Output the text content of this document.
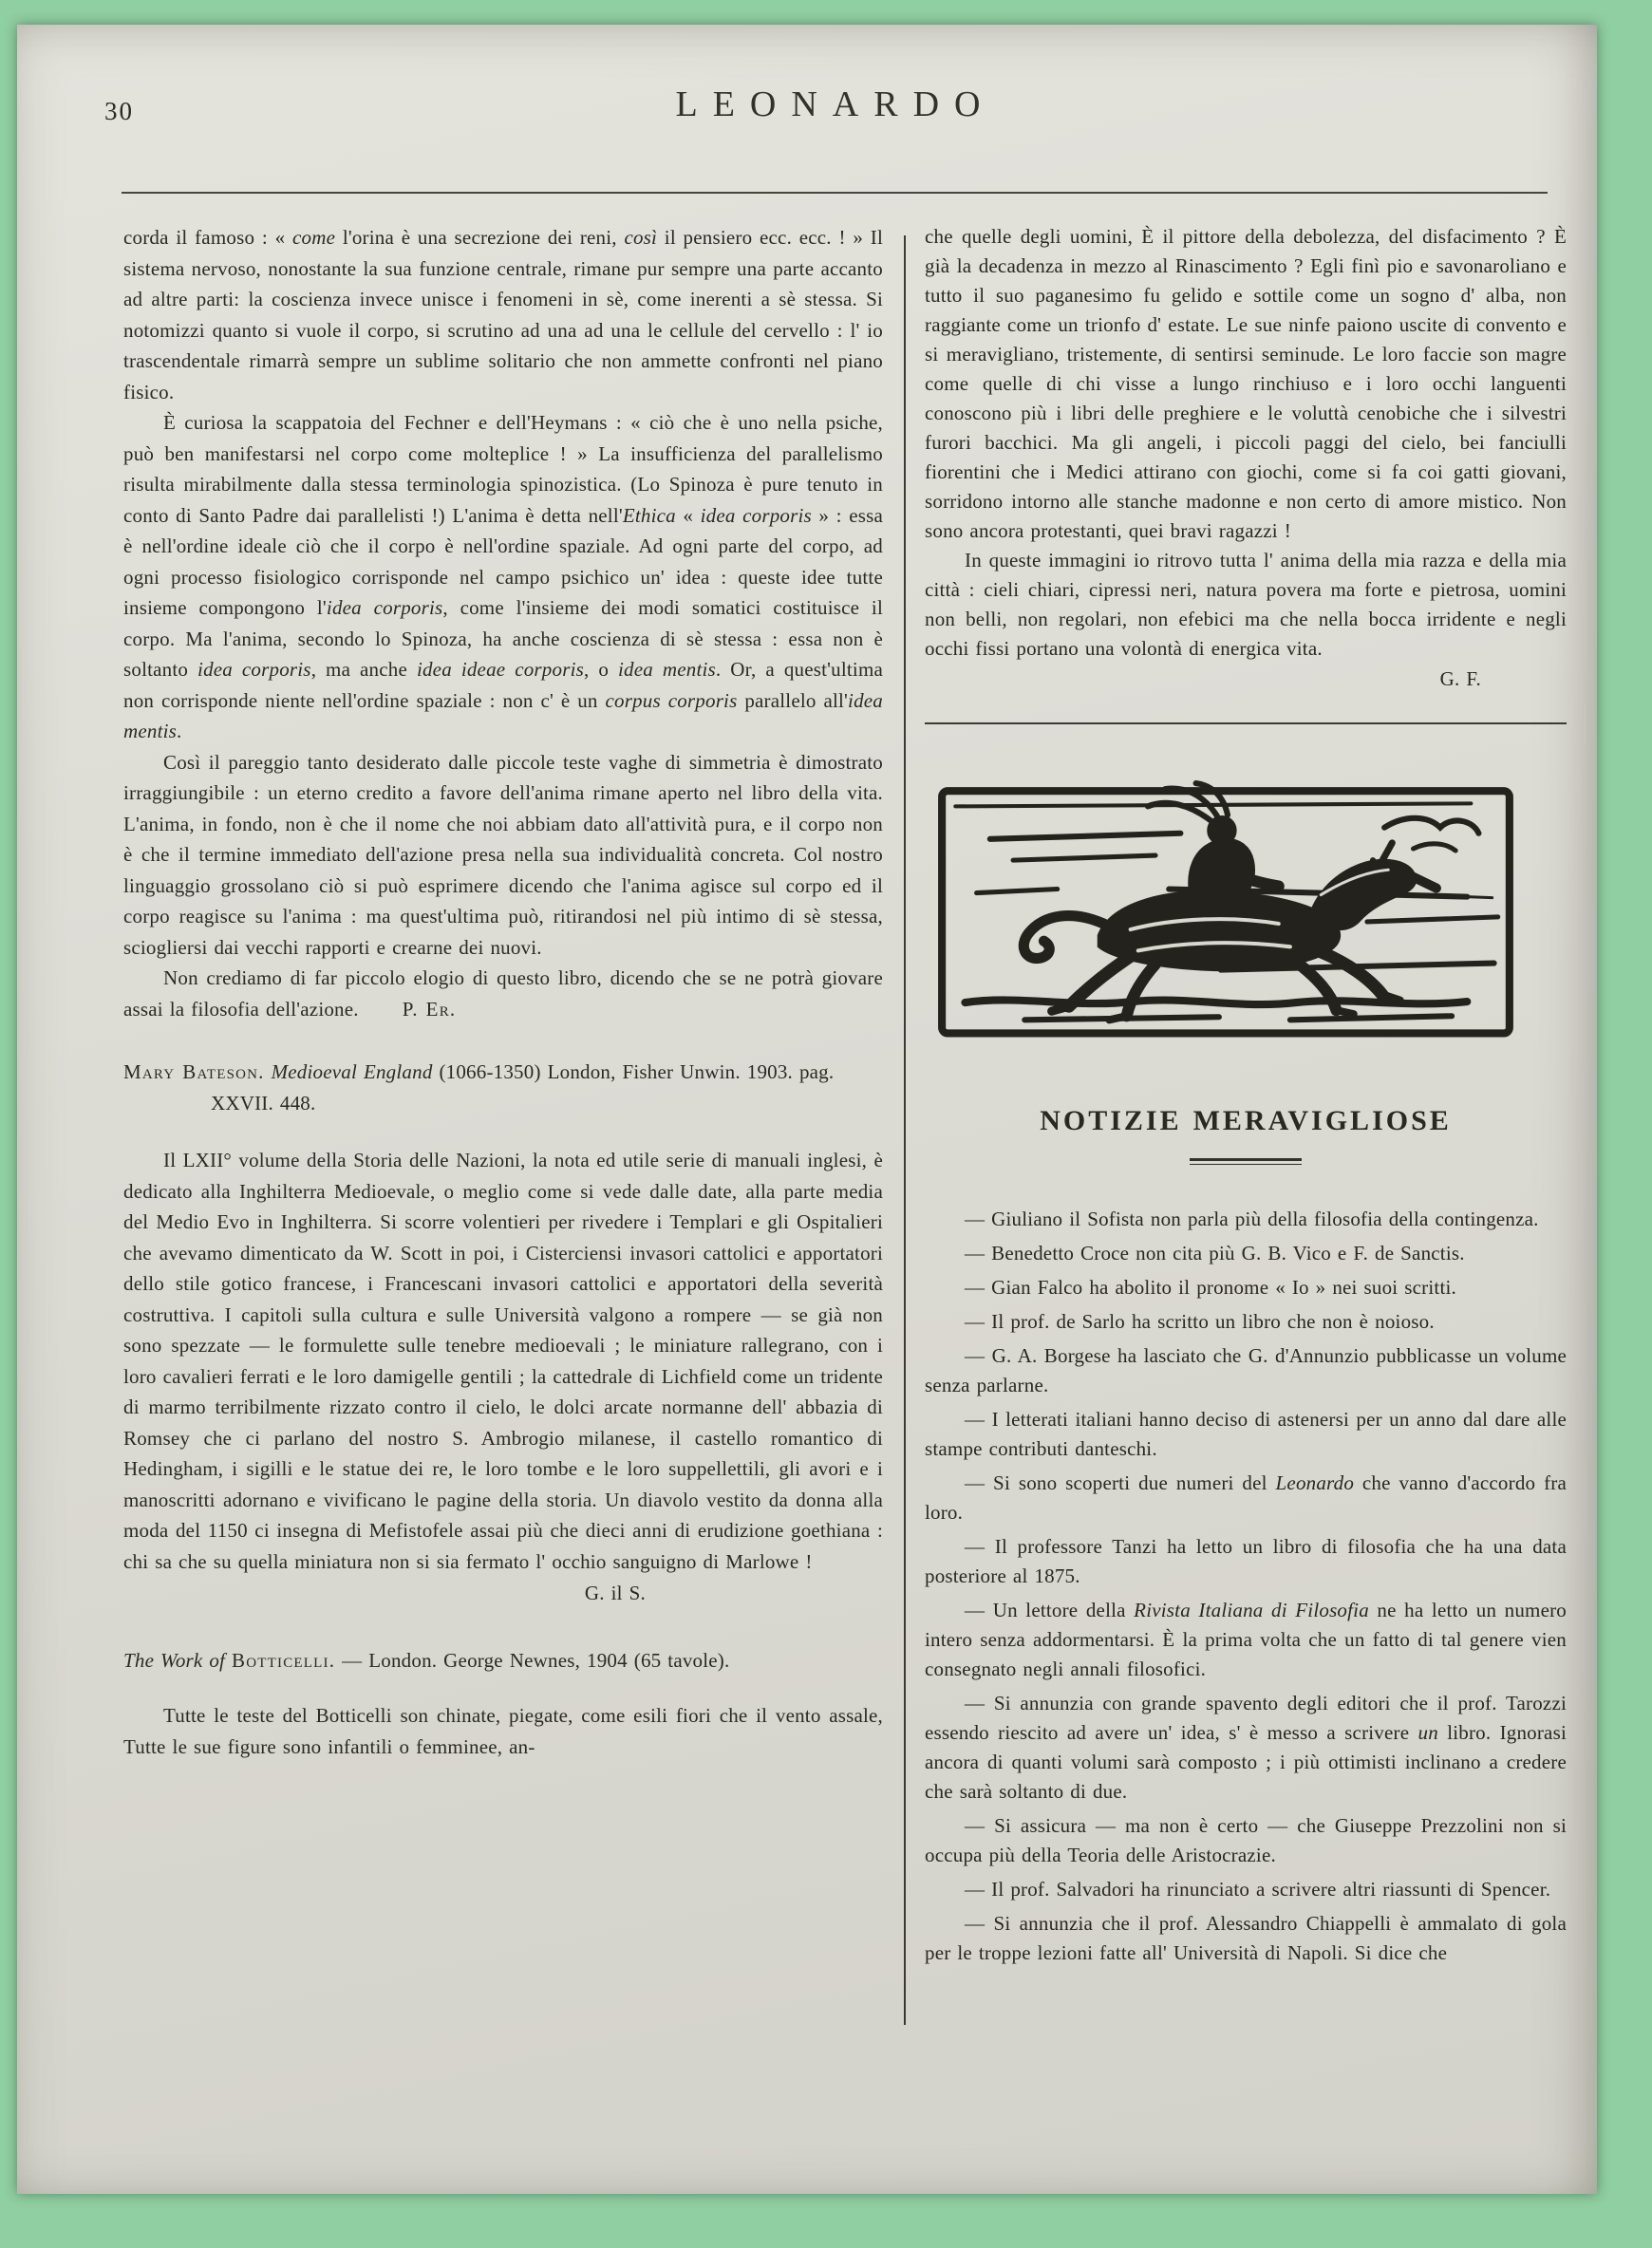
30	LEONARDO

corda il famoso : « come l'orina è una secrezione dei reni, così il pensiero ecc. ecc. ! » Il sistema nervoso, nonostante la sua funzione centrale, rimane pur sempre una parte accanto ad altre parti: la coscienza invece unisce i fenomeni in sè, come inerenti a sè stessa. Si notomizzi quanto si vuole il corpo, si scrutino ad una ad una le cellule del cervello : l' io trascendentale rimarrà sempre un sublime solitario che non ammette confronti nel piano fisico.

È curiosa la scappatoia del Fechner e dell'Heymans : « ciò che è uno nella psiche, può ben manifestarsi nel corpo come molteplice ! » La insufficienza del parallelismo risulta mirabilmente dalla stessa terminologia spinozistica. (Lo Spinoza è pure tenuto in conto di Santo Padre dai parallelisti !) L'anima è detta nell'Ethica « idea corporis » : essa è nell'ordine ideale ciò che il corpo è nell'ordine spaziale. Ad ogni parte del corpo, ad ogni processo fisiologico corrisponde nel campo psichico un' idea : queste idee tutte insieme compongono l'idea corporis, come l'insieme dei modi somatici costituisce il corpo. Ma l'anima, secondo lo Spinoza, ha anche coscienza di sè stessa : essa non è soltanto idea corporis, ma anche idea ideae corporis, o idea mentis. Or, a quest'ultima non corrisponde niente nell'ordine spaziale : non c' è un corpus corporis parallelo all'idea mentis.

Così il pareggio tanto desiderato dalle piccole teste vaghe di simmetria è dimostrato irraggiungibile : un eterno credito a favore dell'anima rimane aperto nel libro della vita. L'anima, in fondo, non è che il nome che noi abbiam dato all'attività pura, e il corpo non è che il termine immediato dell'azione presa nella sua individualità concreta. Col nostro linguaggio grossolano ciò si può esprimere dicendo che l'anima agisce sul corpo ed il corpo reagisce su l'anima : ma quest'ultima può, ritirandosi nel più intimo di sè stessa, sciogliersi dai vecchi rapporti e crearne dei nuovi.

Non crediamo di far piccolo elogio di questo libro, dicendo che se ne potrà giovare assai la filosofia dell'azione. P. Er.

Mary Bateson. Medioeval England (1066-1350) London, Fisher Unwin. 1903. pag. XXVII. 448.

Il LXII° volume della Storia delle Nazioni, la nota ed utile serie di manuali inglesi, è dedicato alla Inghilterra Medioevale, o meglio come si vede dalle date, alla parte media del Medio Evo in Inghilterra. Si scorre volentieri per rivedere i Templari e gli Ospitalieri che avevamo dimenticato da W. Scott in poi, i Cisterciensi invasori cattolici e apportatori dello stile gotico francese, i Francescani invasori cattolici e apportatori della severità costruttiva. I capitoli sulla cultura e sulle Università valgono a rompere — se già non sono spezzate — le formulette sulle tenebre medioevali ; le miniature rallegrano, con i loro cavalieri ferrati e le loro damigelle gentili ; la cattedrale di Lichfield come un tridente di marmo terribilmente rizzato contro il cielo, le dolci arcate normanne dell' abbazia di Romsey che ci parlano del nostro S. Ambrogio milanese, il castello romantico di Hedingham, i sigilli e le statue dei re, le loro tombe e le loro suppellettili, gli avori e i manoscritti adornano e vivificano le pagine della storia. Un diavolo vestito da donna alla moda del 1150 ci insegna di Mefistofele assai più che dieci anni di erudizione goethiana : chi sa che su quella miniatura non si sia fermato l' occhio sanguigno di Marlowe !

G. il S.

The Work of Botticelli. — London. George Newnes, 1904 (65 tavole).

Tutte le teste del Botticelli son chinate, piegate, come esili fiori che il vento assale, Tutte le sue figure sono infantili o femminee, an-

che quelle degli uomini, È il pittore della debolezza, del disfacimento ? È già la decadenza in mezzo al Rinascimento ? Egli finì pio e savonaroliano e tutto il suo paganesimo fu gelido e sottile come un sogno d' alba, non raggiante come un trionfo d' estate. Le sue ninfe paiono uscite di convento e si meravigliano, tristemente, di sentirsi seminude. Le loro faccie son magre come quelle di chi visse a lungo rinchiuso e i loro occhi languenti conoscono più i libri delle preghiere e le voluttà cenobiche che i silvestri furori bacchici. Ma gli angeli, i piccoli paggi del cielo, bei fanciulli fiorentini che i Medici attirano con giochi, come si fa coi gatti giovani, sorridono intorno alle stanche madonne e non certo di amore mistico. Non sono ancora protestanti, quei bravi ragazzi !

In queste immagini io ritrovo tutta l' anima della mia razza e della mia città : cieli chiari, cipressi neri, natura povera ma forte e pietrosa, uomini non belli, non regolari, non efebici ma che nella bocca irridente e negli occhi fissi portano una volontà di energica vita.

G. F.
NOTIZIE MERAVIGLIOSE

— Giuliano il Sofista non parla più della filosofia della contingenza.

— Benedetto Croce non cita più G. B. Vico e F. de Sanctis.

— Gian Falco ha abolito il pronome « Io » nei suoi scritti.

— Il prof. de Sarlo ha scritto un libro che non è noioso.

— G. A. Borgese ha lasciato che G. d'Annunzio pubblicasse un volume senza parlarne.

— I letterati italiani hanno deciso di astenersi per un anno dal dare alle stampe contributi danteschi.

— Si sono scoperti due numeri del Leonardo che vanno d'accordo fra loro.

— Il professore Tanzi ha letto un libro di filosofia che ha una data posteriore al 1875.

— Un lettore della Rivista Italiana di Filosofia ne ha letto un numero intero senza addormentarsi. È la prima volta che un fatto di tal genere vien consegnato negli annali filosofici.

— Si annunzia con grande spavento degli editori che il prof. Tarozzi essendo riescito ad avere un' idea, s' è messo a scrivere un libro. Ignorasi ancora di quanti volumi sarà composto ; i più ottimisti inclinano a credere che sarà soltanto di due.

— Si assicura — ma non è certo — che Giuseppe Prezzolini non si occupa più della Teoria delle Aristocrazie.

— Il prof. Salvadori ha rinunciato a scrivere altri riassunti di Spencer.

— Si annunzia che il prof. Alessandro Chiappelli è ammalato di gola per le troppe lezioni fatte all' Università di Napoli. Si dice che
